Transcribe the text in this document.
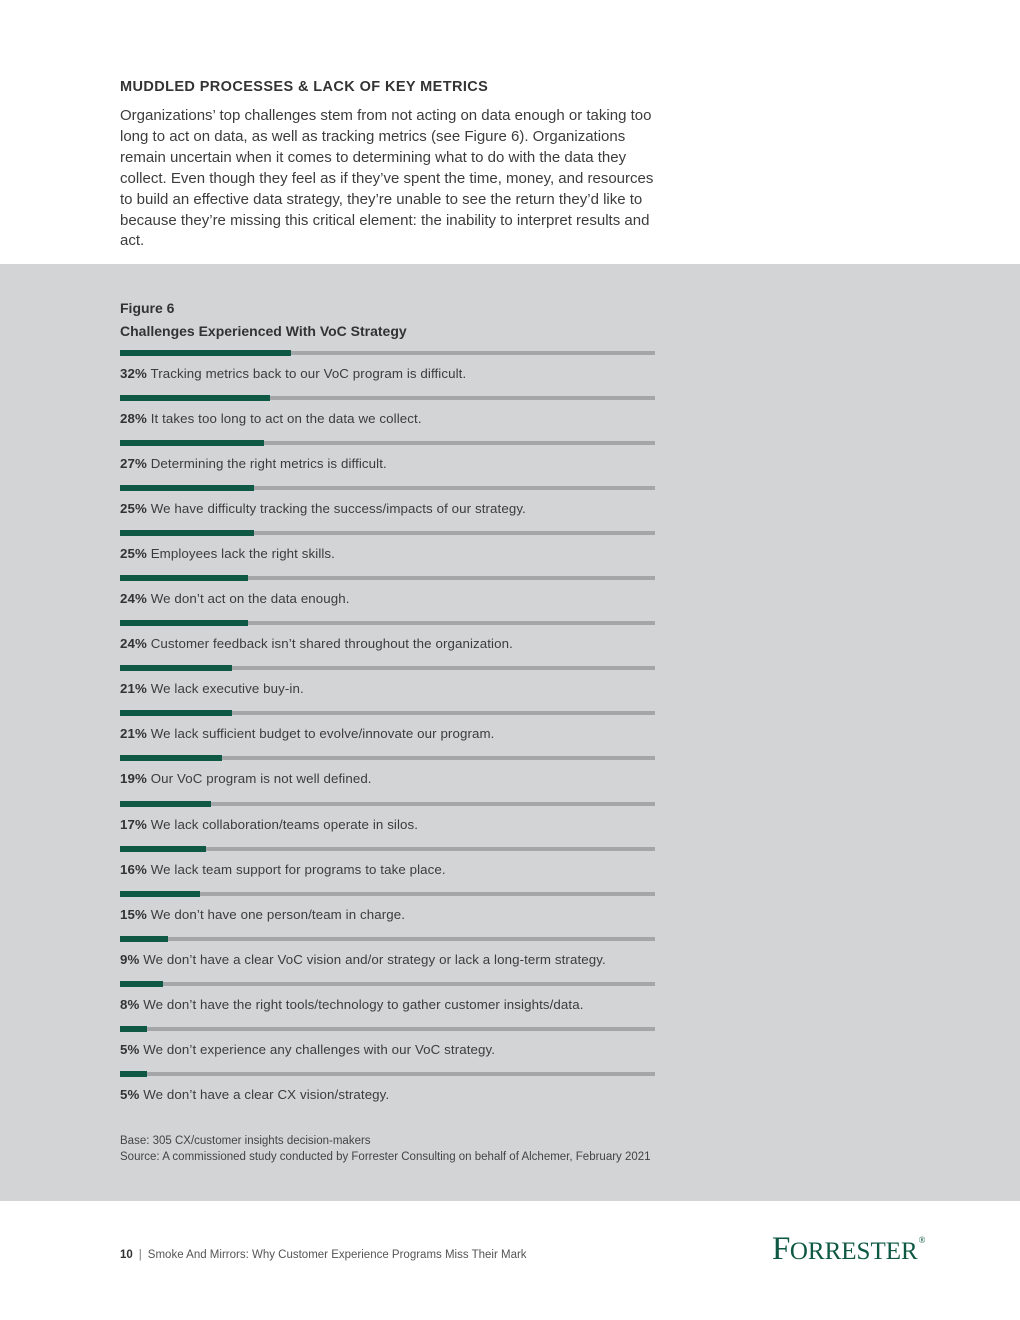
MUDDLED PROCESSES & LACK OF KEY METRICS

Organizations’ top challenges stem from not acting on data enough or taking too long to act on data, as well as tracking metrics (see Figure 6). Organizations remain uncertain when it comes to determining what to do with the data they collect. Even though they feel as if they’ve spent the time, money, and resources to build an effective data strategy, they’re unable to see the return they’d like to because they’re missing this critical element: the inability to interpret results and act.

Figure 6
Challenges Experienced With VoC Strategy
32% Tracking metrics back to our VoC program is difficult.
28% It takes too long to act on the data we collect.
27% Determining the right metrics is difficult.
25% We have difficulty tracking the success/impacts of our strategy.
25% Employees lack the right skills.
24% We don’t act on the data enough.
24% Customer feedback isn’t shared throughout the organization.
21% We lack executive buy-in.
21% We lack sufficient budget to evolve/innovate our program.
19% Our VoC program is not well defined.
17% We lack collaboration/teams operate in silos.
16% We lack team support for programs to take place.
15% We don’t have one person/team in charge.
9% We don’t have a clear VoC vision and/or strategy or lack a long-term strategy.
8% We don’t have the right tools/technology to gather customer insights/data.
5% We don’t experience any challenges with our VoC strategy.
5% We don’t have a clear CX vision/strategy.
Base: 305 CX/customer insights decision-makers
Source: A commissioned study conducted by Forrester Consulting on behalf of Alchemer, February 2021
10 | Smoke And Mirrors: Why Customer Experience Programs Miss Their Mark	FORRESTER®
